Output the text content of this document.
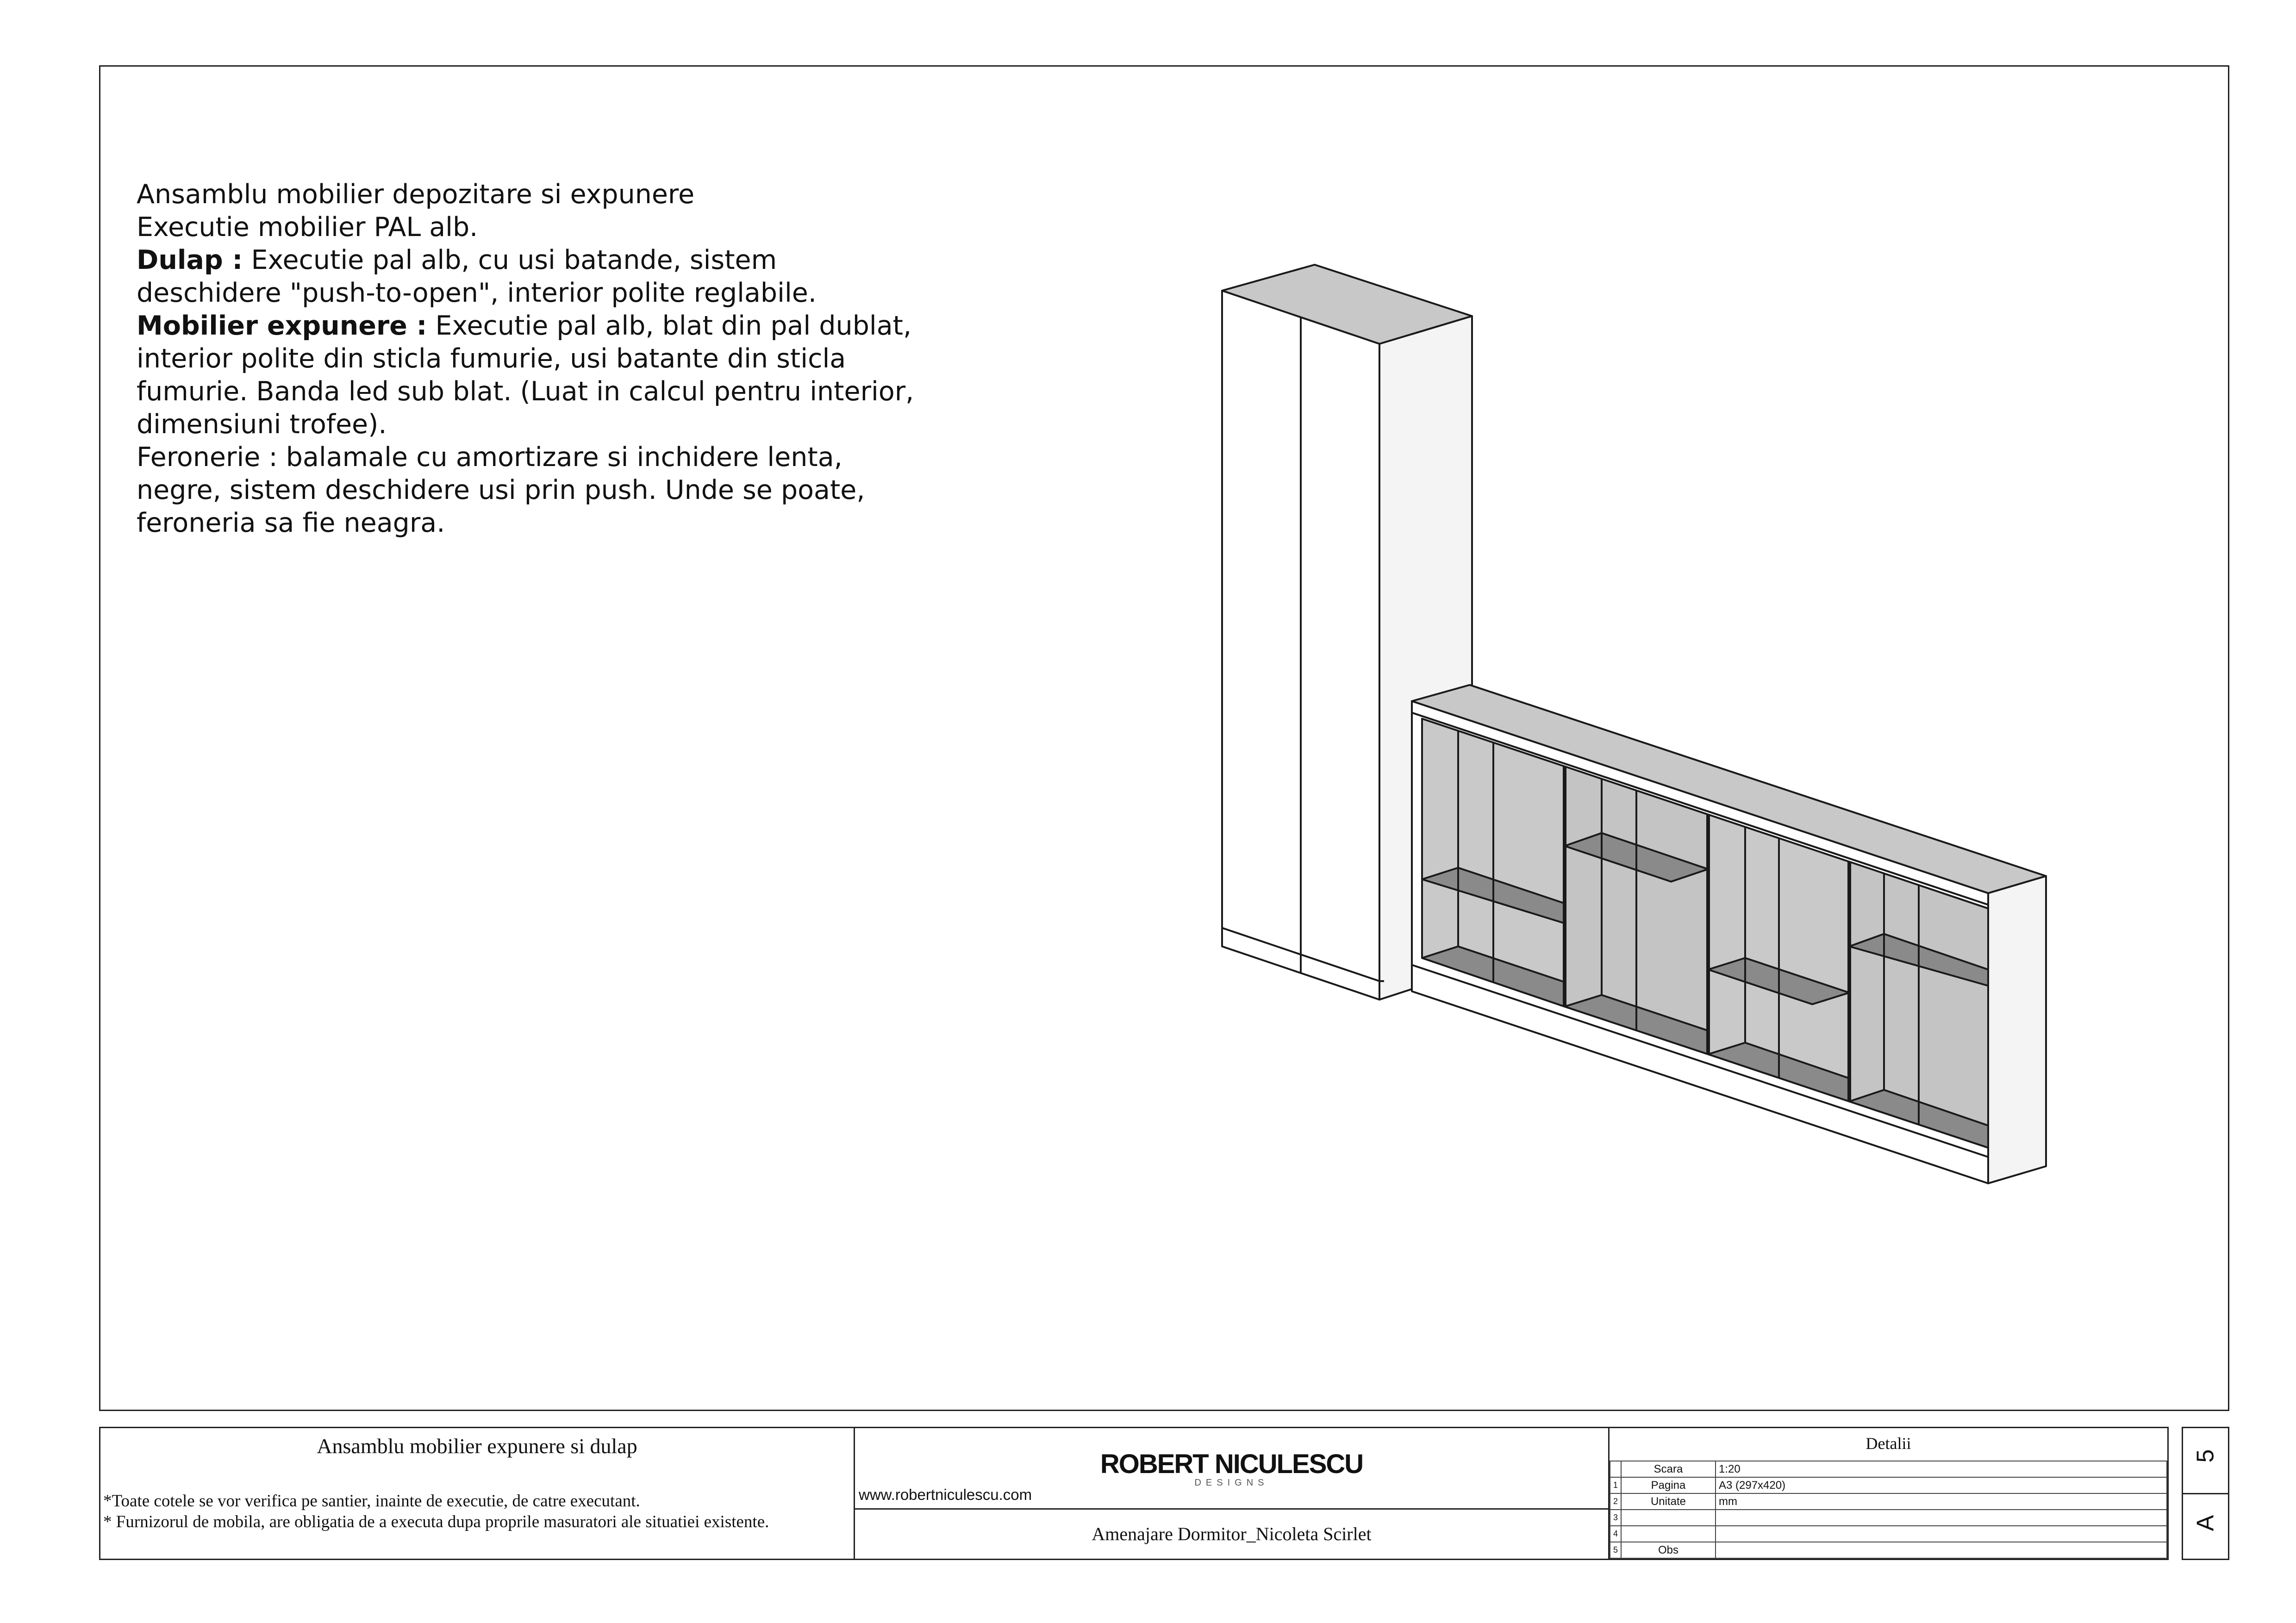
Ansamblu mobilier depozitare si expunere

Executie mobilier PAL alb.

Dulap : Executie pal alb, cu usi batande, sistem deschidere "push-to-open", interior polite reglabile.

Mobilier expunere : Executie pal alb, blat din pal dublat, interior polite din sticla fumurie, usi batante din sticla fumurie. Banda led sub blat. (Luat in calcul pentru interior, dimensiuni trofee).

Feronerie : balamale cu amortizare si inchidere lenta, negre, sistem deschidere usi prin push. Unde se poate, feroneria sa fie neagra.

Ansamblu mobilier expunere si dulap

*Toate cotele se vor verifica pe santier, inainte de executie, de catre executant.

* Furnizorul de mobila, are obligatia de a executa dupa proprile masuratori ale situatiei existente.

ROBERT NICULESCU
DESIGNS
www.robertniculescu.com
Amenajare Dormitor_Nicoleta Scirlet
Detalii
	Scara	1:20
1	Pagina	A3 (297x420)
2	Unitate	mm
3		
4		
5	Obs	
5
A
